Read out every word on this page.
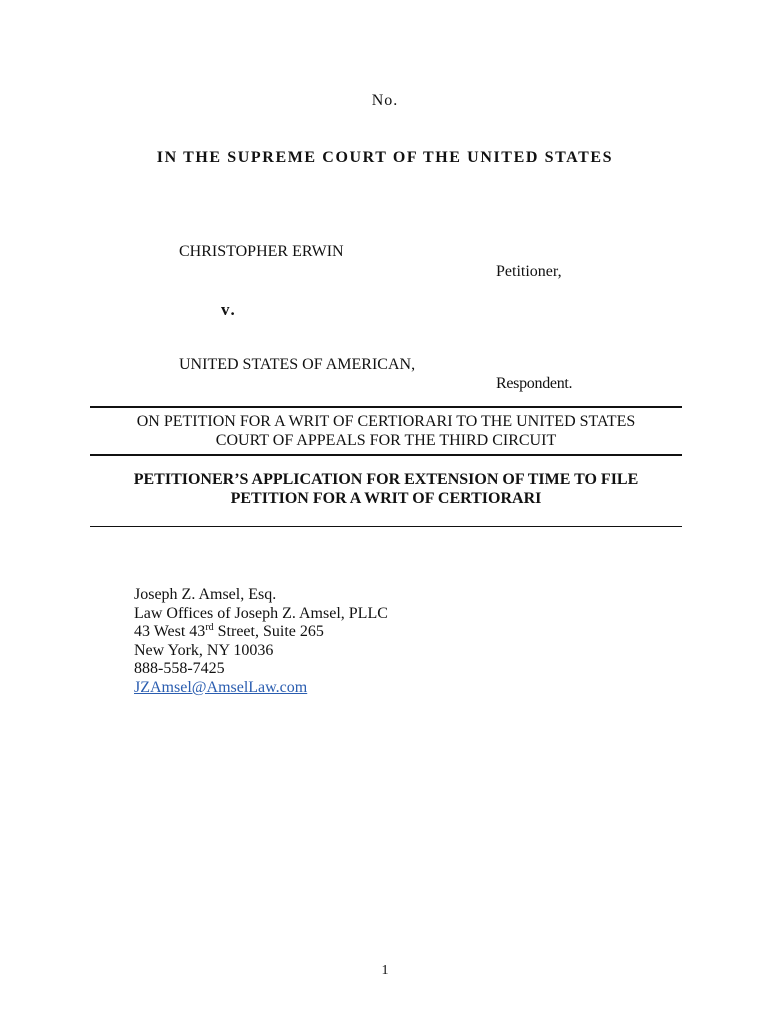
No.
IN THE SUPREME COURT OF THE UNITED STATES
CHRISTOPHER ERWIN
Petitioner,
v.
UNITED STATES OF AMERICAN,
Respondent.
ON PETITION FOR A WRIT OF CERTIORARI TO THE UNITED STATES
COURT OF APPEALS FOR THE THIRD CIRCUIT
PETITIONER’S APPLICATION FOR EXTENSION OF TIME TO FILE
PETITION FOR A WRIT OF CERTIORARI
Joseph Z. Amsel, Esq.
Law Offices of Joseph Z. Amsel, PLLC
43 West 43rd Street, Suite 265
New York, NY 10036
888-558-7425
JZAmsel@AmselLaw.com
1
